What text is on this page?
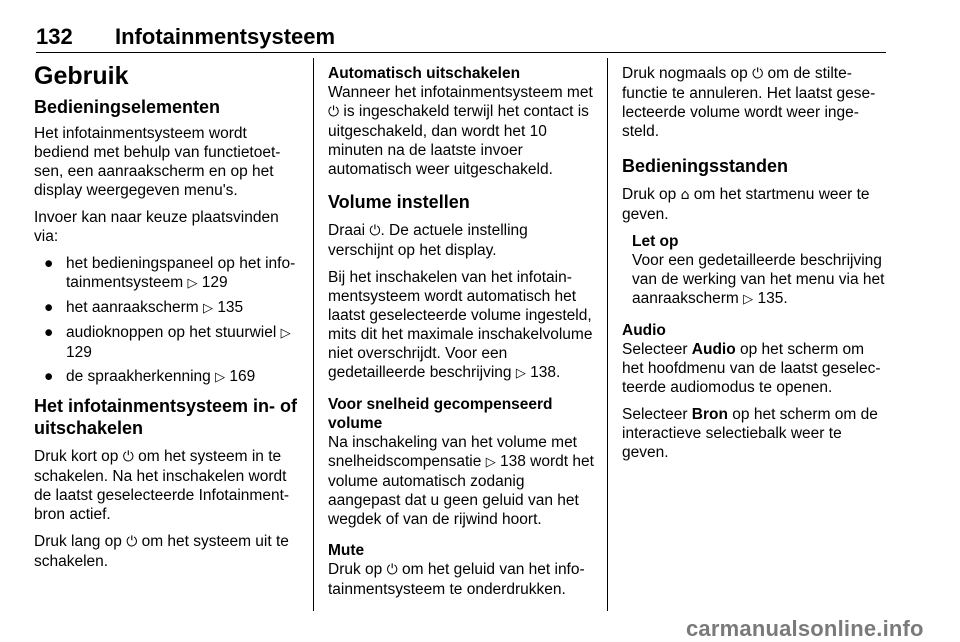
132 Infotainmentsysteem
Gebruik
Bedieningselementen

Het infotainmentsysteem wordt bediend met behulp van functietoetsen, een aanraakscherm en op het display weergegeven menu's.

Invoer kan naar keuze plaatsvinden via:

● het bedieningspaneel op het infotainmentsysteem ▷ 129
● het aanraakscherm ▷ 135
● audioknoppen op het stuurwiel ▷ 129
● de spraakherkenning ▷ 169
Het infotainmentsysteem in- of uitschakelen

Druk kort op ⏻ om het systeem in te schakelen. Na het inschakelen wordt de laatst geselecteerde Infotainmentbron actief.

Druk lang op ⏻ om het systeem uit te schakelen.

Automatisch uitschakelen

Wanneer het infotainmentsysteem met ⏻ is ingeschakeld terwijl het contact is uitgeschakeld, dan wordt het 10 minuten na de laatste invoer automatisch weer uitgeschakeld.

Volume instellen

Draai ⏻. De actuele instelling verschijnt op het display.

Bij het inschakelen van het infotainmentsysteem wordt automatisch het laatst geselecteerde volume ingesteld, mits dit het maximale inschakelvolume niet overschrijdt. Voor een gedetailleerde beschrijving ▷ 138.

Voor snelheid gecompenseerd volume

Na inschakeling van het volume met snelheidscompensatie ▷ 138 wordt het volume automatisch zodanig aangepast dat u geen geluid van het wegdek of van de rijwind hoort.

Mute

Druk op ⏻ om het geluid van het infotainmentsysteem te onderdrukken.

Druk nogmaals op ⏻ om de stiltefunctie te annuleren. Het laatst geselecteerde volume wordt weer ingesteld.

Bedieningsstanden

Druk op ⌂ om het startmenu weer te geven.

Let op
Voor een gedetailleerde beschrijving van de werking van het menu via het aanraakscherm ▷ 135.
Audio

Selecteer Audio op het scherm om het hoofdmenu van de laatst geselecteerde audiomodus te openen.

Selecteer Bron op het scherm om de interactieve selectiebalk weer te geven.

carmanualsonline.info
